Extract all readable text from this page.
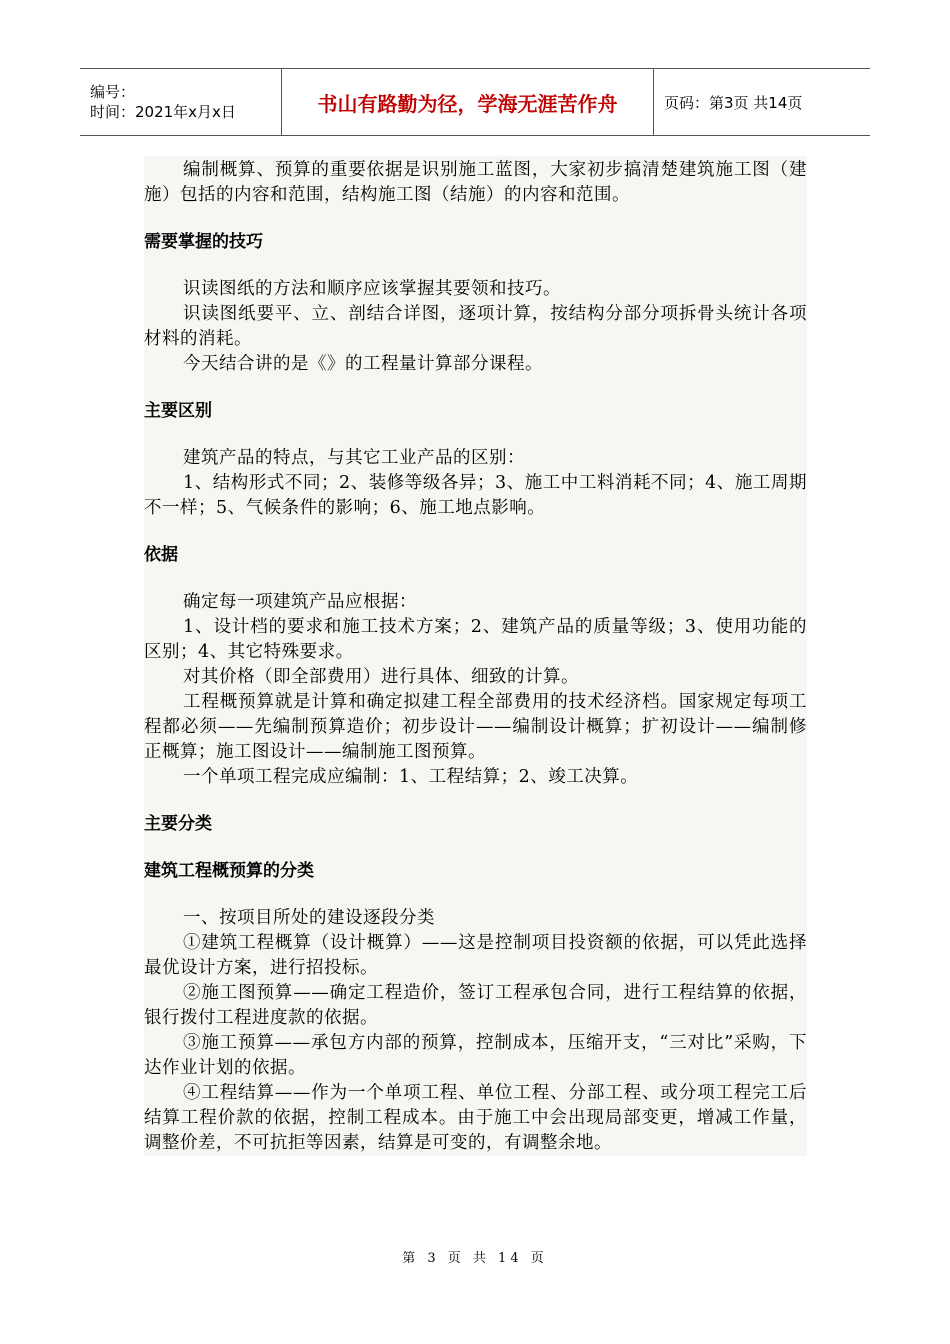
编号：
时间：2021年x月x日	书山有路勤为径，学海无涯苦作舟	页码：第3页 共14页

编制概算、预算的重要依据是识别施工蓝图，大家初步搞清楚建筑施工图（建施）包括的内容和范围，结构施工图（结施）的内容和范围。

需要掌握的技巧

识读图纸的方法和顺序应该掌握其要领和技巧。

识读图纸要平、立、剖结合详图，逐项计算，按结构分部分项拆骨头统计各项材料的消耗。

今天结合讲的是《》的工程量计算部分课程。

主要区别

建筑产品的特点，与其它工业产品的区别：

1、结构形式不同；2、装修等级各异；3、施工中工料消耗不同；4、施工周期不一样；5、气候条件的影响；6、施工地点影响。

依据

确定每一项建筑产品应根据：

1、设计档的要求和施工技术方案；2、建筑产品的质量等级；3、使用功能的区别；4、其它特殊要求。

对其价格（即全部费用）进行具体、细致的计算。

工程概预算就是计算和确定拟建工程全部费用的技术经济档。国家规定每项工程都必须——先编制预算造价；初步设计——编制设计概算；扩初设计——编制修正概算；施工图设计——编制施工图预算。

一个单项工程完成应编制：1、工程结算；2、竣工决算。

主要分类

建筑工程概预算的分类

一、按项目所处的建设逐段分类

①建筑工程概算（设计概算）——这是控制项目投资额的依据，可以凭此选择最优设计方案，进行招投标。

②施工图预算——确定工程造价，签订工程承包合同，进行工程结算的依据，银行拨付工程进度款的依据。

③施工预算——承包方内部的预算，控制成本，压缩开支，“三对比”采购，下达作业计划的依据。

④工程结算——作为一个单项工程、单位工程、分部工程、或分项工程完工后结算工程价款的依据，控制工程成本。由于施工中会出现局部变更，增减工作量，调整价差，不可抗拒等因素，结算是可变的，有调整余地。

第 3 页 共 14 页
